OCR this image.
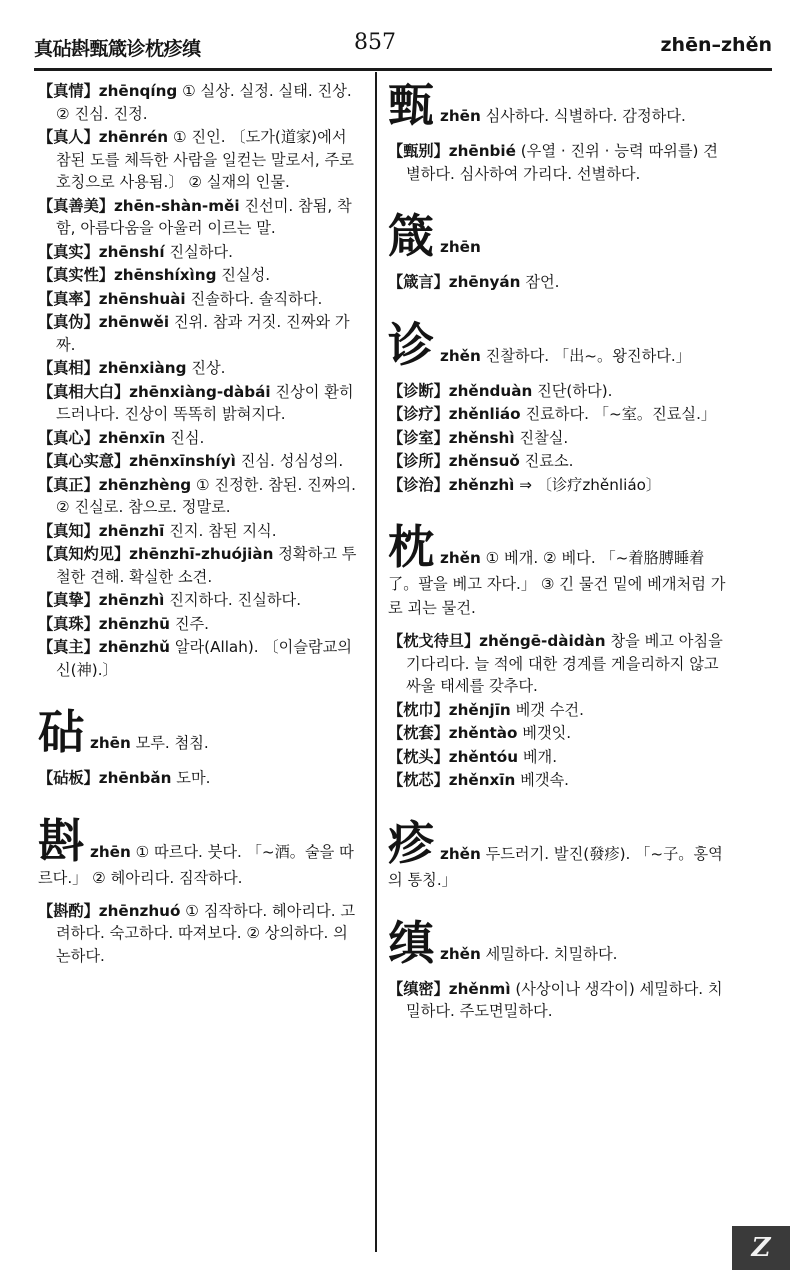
真砧斟甄箴诊枕疹缜	857	zhēn–zhěn
【真情】zhēnqíng ① 실상. 실정. 실태. 진상. ② 진심. 진정.
【真人】zhēnrén ① 진인. 〔도가(道家)에서 참된 도를 체득한 사람을 일컫는 말로서, 주로 호칭으로 사용됨.〕 ② 실재의 인물.
【真善美】zhēn-shàn-měi 진선미. 참됨, 착함, 아름다움을 아울러 이르는 말.
【真实】zhēnshí 진실하다.
【真实性】zhēnshíxìng 진실성.
【真率】zhēnshuài 진솔하다. 솔직하다.
【真伪】zhēnwěi 진위. 참과 거짓. 진짜와 가짜.
【真相】zhēnxiàng 진상.
【真相大白】zhēnxiàng-dàbái 진상이 환히 드러나다. 진상이 똑똑히 밝혀지다.
【真心】zhēnxīn 진심.
【真心实意】zhēnxīnshíyì 진심. 성심성의.
【真正】zhēnzhèng ① 진정한. 참된. 진짜의. ② 진실로. 참으로. 정말로.
【真知】zhēnzhī 진지. 참된 지식.
【真知灼见】zhēnzhī-zhuójiàn 정확하고 투철한 견해. 확실한 소견.
【真挚】zhēnzhì 진지하다. 진실하다.
【真珠】zhēnzhū 진주.
【真主】zhēnzhǔ 알라(Allah). 〔이슬람교의 신(神).〕
砧zhēn 모루. 첨침.
【砧板】zhēnbǎn 도마.
斟zhēn ① 따르다. 붓다. 「~酒。술을 따르다.」 ② 헤아리다. 짐작하다.
【斟酌】zhēnzhuó ① 짐작하다. 헤아리다. 고려하다. 숙고하다. 따져보다. ② 상의하다. 의논하다.
甄zhēn 심사하다. 식별하다. 감정하다.
【甄别】zhēnbié (우열 · 진위 · 능력 따위를) 견별하다. 심사하여 가리다. 선별하다.
箴zhēn
【箴言】zhēnyán 잠언.
诊zhěn 진찰하다. 「出~。왕진하다.」
【诊断】zhěnduàn 진단(하다).
【诊疗】zhěnliáo 진료하다. 「~室。진료실.」
【诊室】zhěnshì 진찰실.
【诊所】zhěnsuǒ 진료소.
【诊治】zhěnzhì ⇒ 〔诊疗zhěnliáo〕
枕zhěn ① 베개. ② 베다. 「~着胳膊睡着了。팔을 베고 자다.」 ③ 긴 물건 밑에 베개처럼 가로 괴는 물건.
【枕戈待旦】zhěngē-dàidàn 창을 베고 아침을 기다리다. 늘 적에 대한 경계를 게을리하지 않고 싸울 태세를 갖추다.
【枕巾】zhěnjīn 베갯 수건.
【枕套】zhěntào 베갯잇.
【枕头】zhěntóu 베개.
【枕芯】zhěnxīn 베갯속.
疹zhěn 두드러기. 발진(發疹). 「~子。홍역의 통칭.」
缜zhěn 세밀하다. 치밀하다.
【缜密】zhěnmì (사상이나 생각이) 세밀하다. 치밀하다. 주도면밀하다.
Z
